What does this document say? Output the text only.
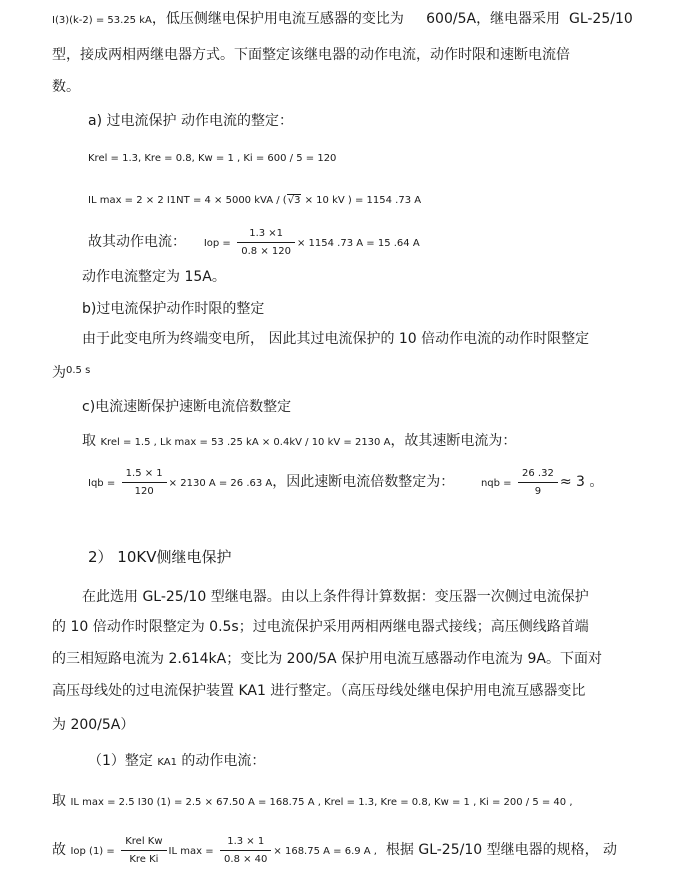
I(3)(k-2) = 53.25 kA，低压侧继电保护用电流互感器的变比为 600/5A，继电器采用 GL-25/10
型，接成两相两继电器方式。下面整定该继电器的动作电流，动作时限和速断电流倍
数。
a) 过电流保护 动作电流的整定：
Krel = 1.3, Kre = 0.8, Kw = 1 , Ki = 600 / 5 = 120
IL max = 2 × 2 I1NT = 4 × 5000 kVA / (√3 × 10 kV ) = 1154 .73 A
故其动作电流： Iop = $\frac{1.3 \times 1}{0.8 \times 120} \times 1154$ .73 A = 15 .64 A
动作电流整定为 15A。
b)过电流保护动作时限的整定
由于此变电所为终端变电所， 因此其过电流保护的 10 倍动作电流的动作时限整定
为$^{0.5 s}$
c)电流速断保护速断电流倍数整定
取 Krel = 1.5 , Lk max = 53 .25 kA × 0.4kV / 10 kV = 2130 A，故其速断电流为：
Iqb = $\frac{1.5 \times 1}{120} \times 2130$ A = 26 .63 A，因此速断电流倍数整定为：	nqb = $\frac{26 .32}{9} \approx 3$ 。
2） 10KV侧继电保护
在此选用 GL-25/10 型继电器。由以上条件得计算数据：变压器一次侧过电流保护
的 10 倍动作时限整定为 0.5s；过电流保护采用两相两继电器式接线；高压侧线路首端
的三相短路电流为 2.614kA；变比为 200/5A 保护用电流互感器动作电流为 9A。下面对
高压母线处的过电流保护装置 KA1 进行整定。（高压母线处继电保护用电流互感器变比
为 200/5A）
（1）整定 KA1 的动作电流：
取 IL max = 2.5 I30 (1) = 2.5 × 67.50 A = 168.75 A , Krel = 1.3, Kre = 0.8, Kw = 1 , Ki = 200 / 5 = 40 ,
故 Iop $(1) = \frac{\text{Krel Kw}}{\text{Kre Ki}}$ IL $\max = \frac{1.3 \times 1}{0.8 \times 40} \times 168.75$ A = 6.9 A , 根据 GL-25/10 型继电器的规格， 动
